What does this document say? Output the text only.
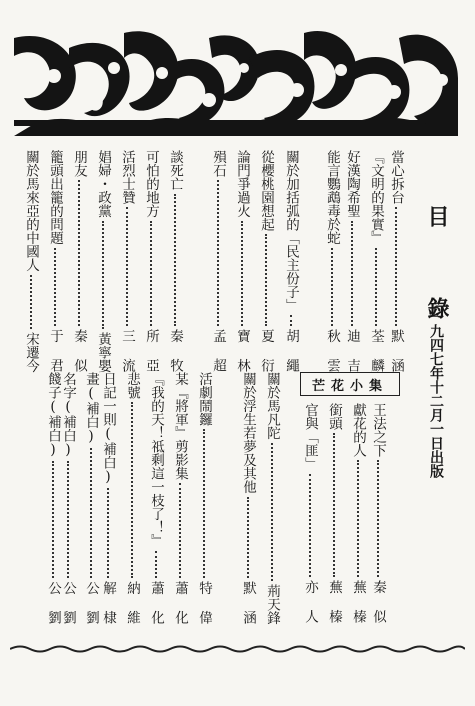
目 錄
一九四七年十二月一日出版
當心拆台
默 涵
『文明的果實』
荃 麟
好漢陶希聖
迪 吉
能言鸚鵡毒於蛇
秋 雲
關於加括弧的「民主份子」
胡 繩
從櫻桃園想起
夏 衍
論門爭過火
寶 林
殞石
孟 超
談死亡
秦 牧
可怕的地方
所 亞
活烈士贊
三 流
娼婦・政黨
黃寧嬰
朋友
秦 似
籠頭出籠的問題
于 君
關於馬來亞的中國人
宋遷今
芒花小集
王法之下
秦 似
獻花的人
蕪 榛
銜頭
蕪 榛
官與「匪」
亦 人
關於馬凡陀
荊天鋒
關於浮生若夢及其他
默 涵
活劇鬧鑼
特 偉
某『將軍』剪影集
蕭 化
『我的天！祗剩這一枝了！』
蕭 化
悲號
納 維
日記一則(補白)
解 棣
畫(補白)
公 劉
名字(補白)
公 劉
餞子(補白)
公 劉
